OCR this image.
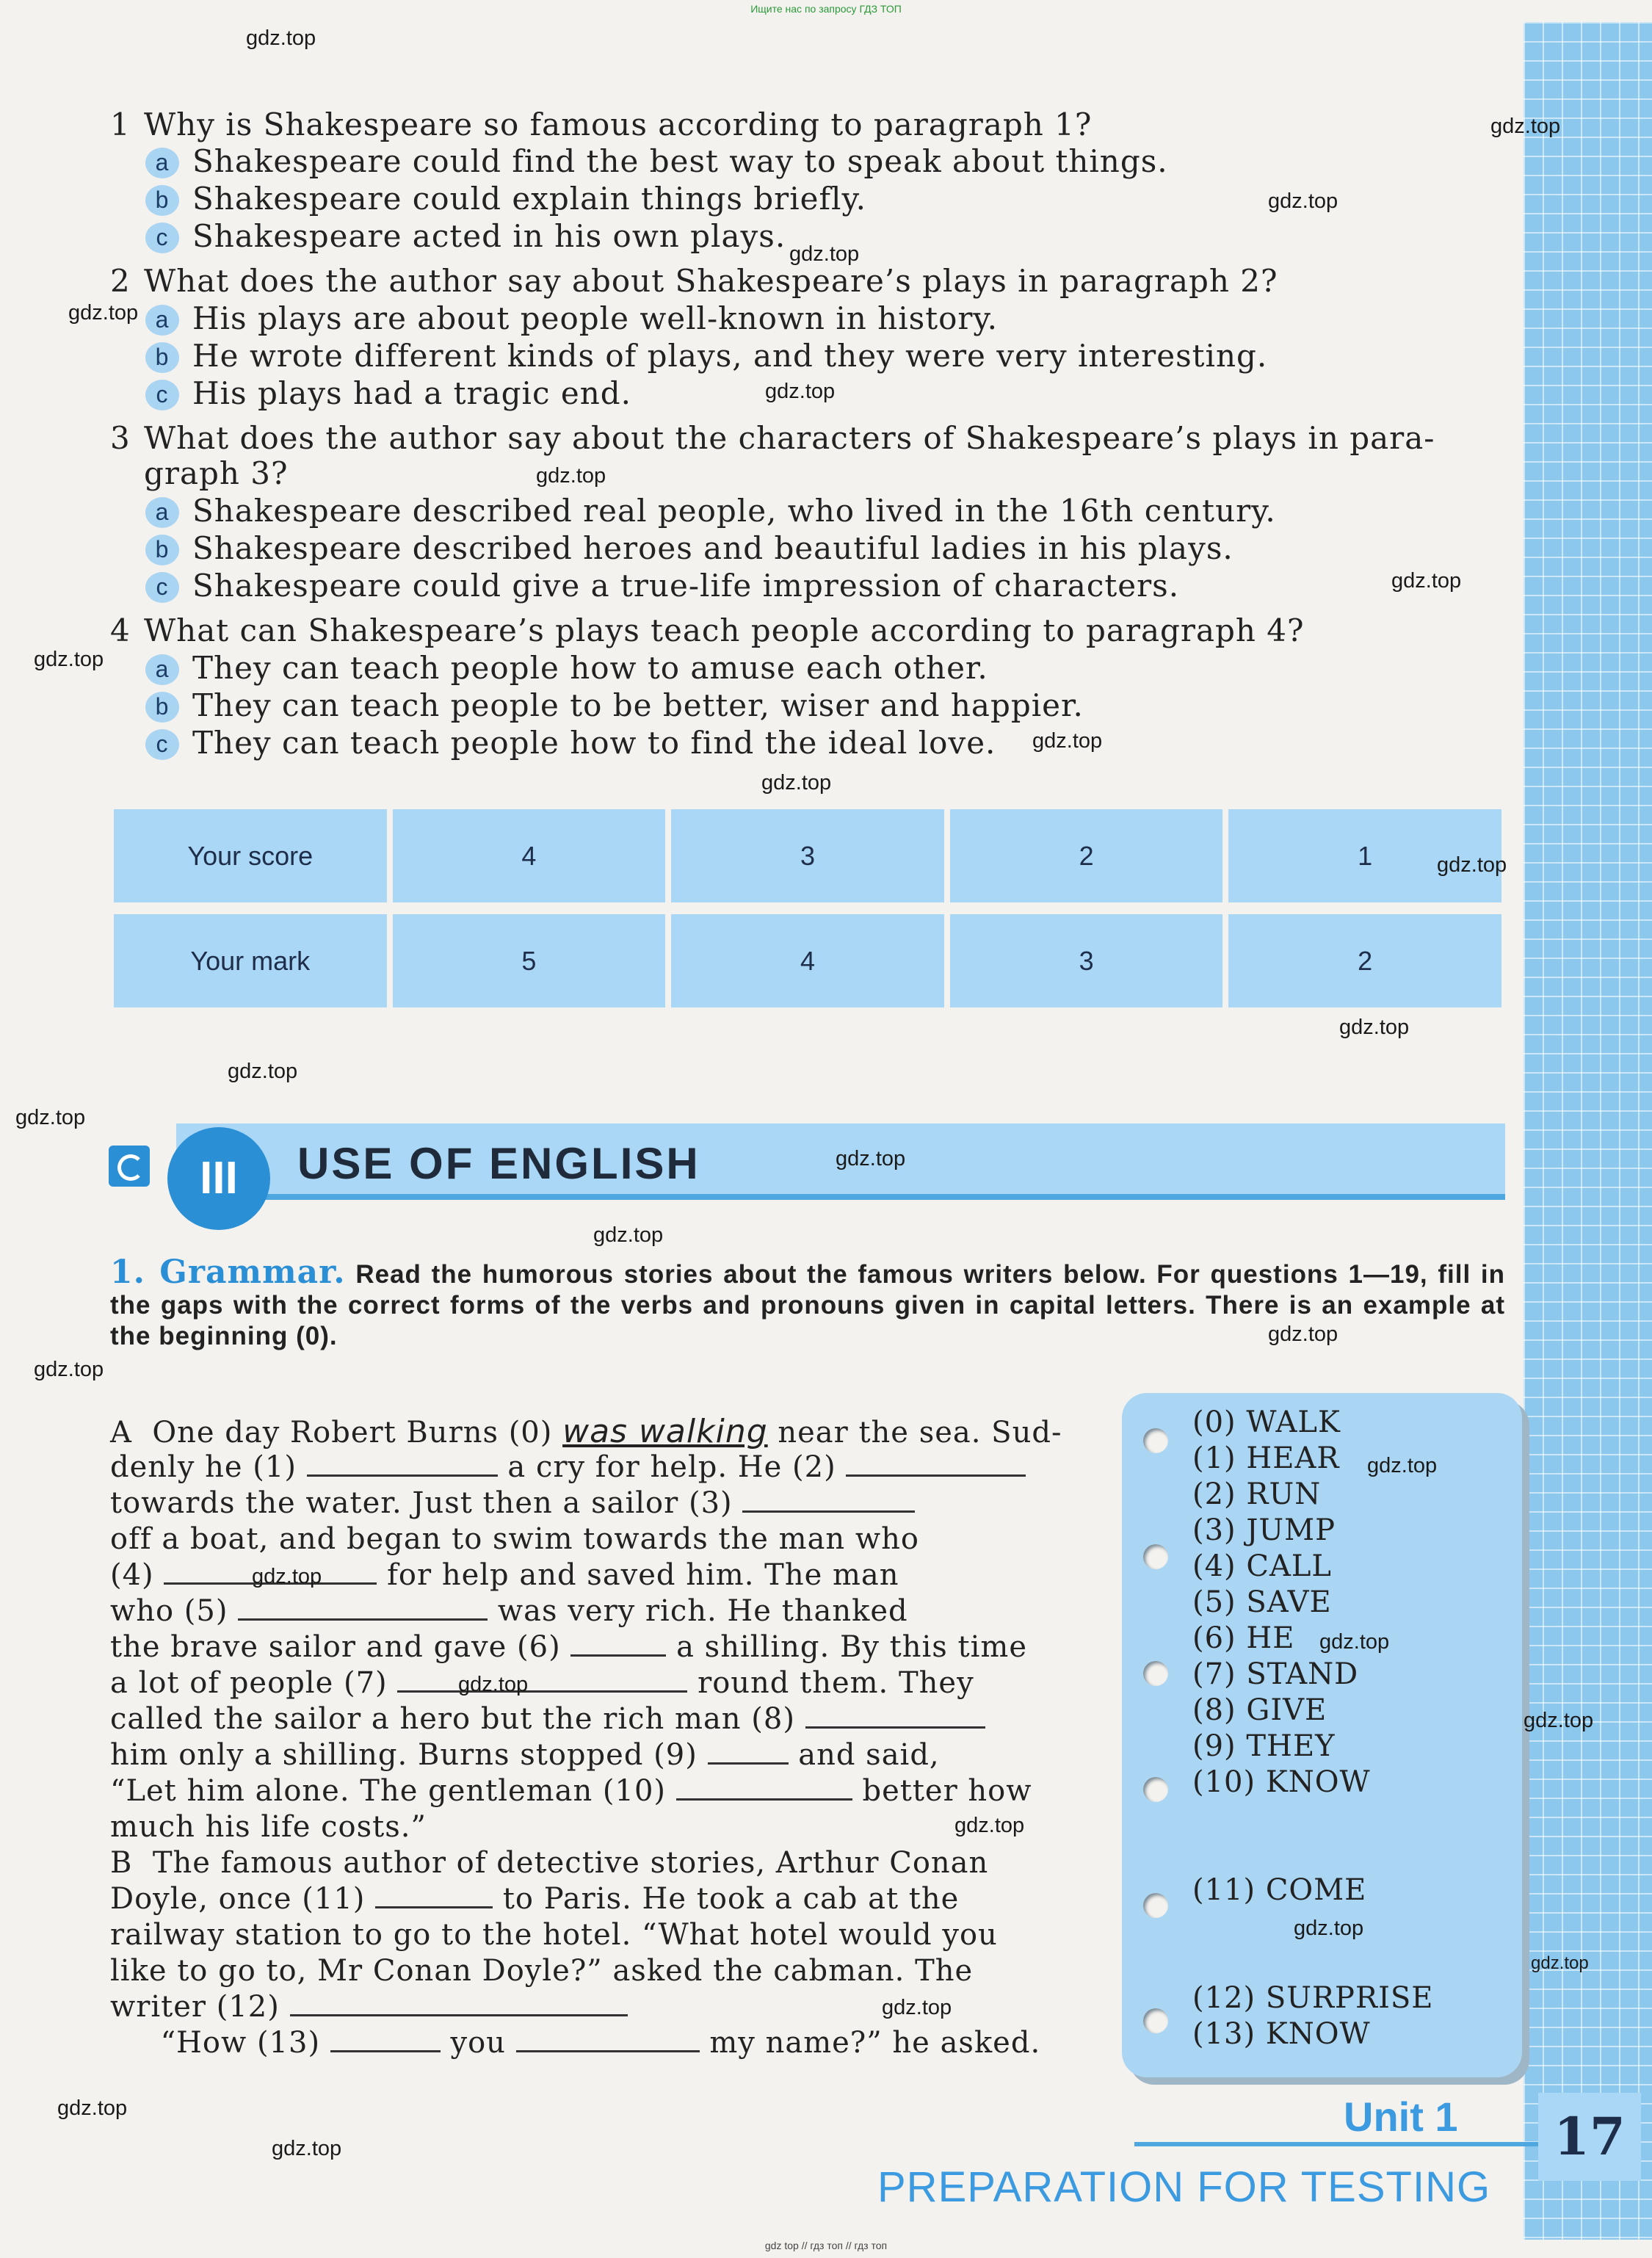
Ищите нас по запросу ГДЗ ТОП
1 Why is Shakespeare so famous according to paragraph 1?
a Shakespeare could find the best way to speak about things.
b Shakespeare could explain things briefly.
c Shakespeare acted in his own plays.
2 What does the author say about Shakespeare’s plays in paragraph 2?
a His plays are about people well-known in history.
b He wrote different kinds of plays, and they were very interesting.
c His plays had a tragic end.
3 What does the author say about the characters of Shakespeare’s plays in para-
graph 3?
a Shakespeare described real people, who lived in the 16th century.
b Shakespeare described heroes and beautiful ladies in his plays.
c Shakespeare could give a true-life impression of characters.
4 What can Shakespeare’s plays teach people according to paragraph 4?
a They can teach people how to amuse each other.
b They can teach people to be better, wiser and happier.
c They can teach people how to find the ideal love.
Your score	4	3	2	1
Your mark	5	4	3	2
III	USE OF ENGLISH
1. Grammar. Read the humorous stories about the famous writers below. For questions 1—19, fill in the gaps with the correct forms of the verbs and pronouns given in capital letters. There is an example at the beginning (0).
A  One day Robert Burns (0) was walking near the sea. Sud-
denly he (1)	a cry for help. He (2)
towards the water. Just then a sailor (3)
off a boat, and began to swim towards the man who
(4)	for help and saved him. The man
who (5)	was very rich. He thanked
the brave sailor and gave (6)	a shilling. By this time
a lot of people (7)	round them. They
called the sailor a hero but the rich man (8)
him only a shilling. Burns stopped (9)	and said,
“Let him alone. The gentleman (10)	better how
much his life costs.”
B  The famous author of detective stories, Arthur Conan
Doyle, once (11)	to Paris. He took a cab at the
railway station to go to the hotel. “What hotel would you
like to go to, Mr Conan Doyle?” asked the cabman. The
writer (12)
“How (13)	you	my name?” he asked.
(0) WALK
(1) HEAR
(2) RUN
(3) JUMP
(4) CALL
(5) SAVE
(6) HE
(7) STAND
(8) GIVE
(9) THEY
(10) KNOW
(11) COME
(12) SURPRISE
(13) KNOW
Unit 1	17
PREPARATION FOR TESTING
gdz top // гдз топ // гдз топ
gdz.top
gdz.top
gdz.top
gdz.top
gdz.top
gdz.top
gdz.top
gdz.top
gdz.top
gdz.top
gdz.top
gdz.top
gdz.top
gdz.top
gdz.top
gdz.top
gdz.top
gdz.top
gdz.top
gdz.top
gdz.top
gdz.top
gdz.top
gdz.top
gdz.top
gdz.top
gdz.top
gdz.top
gdz.top
gdz.top
